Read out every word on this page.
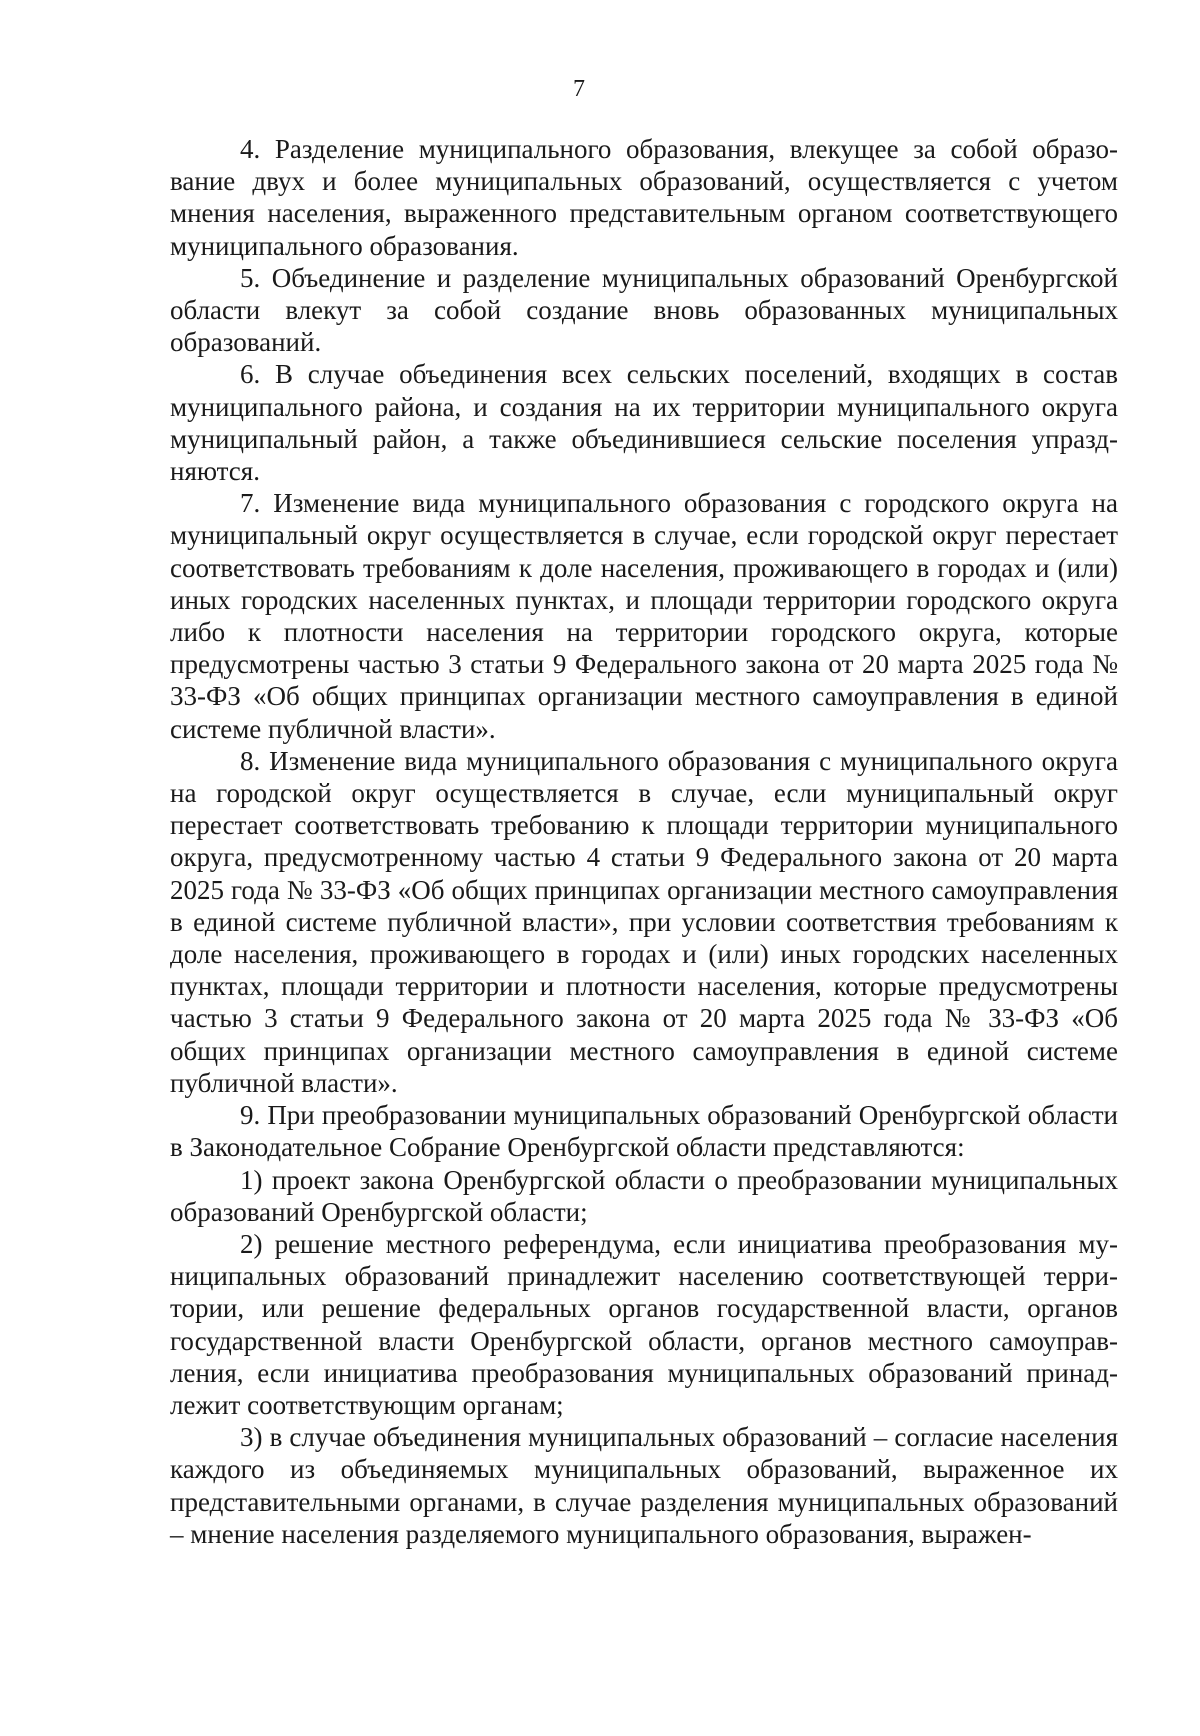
7

4. Разделение муниципального образования, влекущее за собой образование двух и более муниципальных образований, осуществляется с учетом мнения населения, выраженного представительным органом соответствующего муниципального образования.

5. Объединение и разделение муниципальных образований Оренбургской области влекут за собой создание вновь образованных муниципальных образований.

6. В случае объединения всех сельских поселений, входящих в состав муниципального района, и создания на их территории муниципального округа муниципальный район, а также объединившиеся сельские поселения упраздняются.

7. Изменение вида муниципального образования с городского округа на муниципальный округ осуществляется в случае, если городской округ перестает соответствовать требованиям к доле населения, проживающего в городах и (или) иных городских населенных пунктах, и площади территории городского округа либо к плотности населения на территории городского округа, которые предусмотрены частью 3 статьи 9 Федерального закона от 20 марта 2025 года № 33-ФЗ «Об общих принципах организации местного самоуправления в единой системе публичной власти».

8. Изменение вида муниципального образования с муниципального округа на городской округ осуществляется в случае, если муниципальный округ перестает соответствовать требованию к площади территории муниципального округа, предусмотренному частью 4 статьи 9 Федерального закона от 20 марта 2025 года № 33-ФЗ «Об общих принципах организации местного самоуправления в единой системе публичной власти», при условии соответствия требованиям к доле населения, проживающего в городах и (или) иных городских населенных пунктах, площади территории и плотности населения, которые предусмотрены частью 3 статьи 9 Федерального закона от 20 марта 2025 года № 33-ФЗ «Об общих принципах организации местного самоуправления в единой системе публичной власти».

9. При преобразовании муниципальных образований Оренбургской области в Законодательное Собрание Оренбургской области представляются:

1) проект закона Оренбургской области о преобразовании муниципальных образований Оренбургской области;

2) решение местного референдума, если инициатива преобразования муниципальных образований принадлежит населению соответствующей территории, или решение федеральных органов государственной власти, органов государственной власти Оренбургской области, органов местного самоуправления, если инициатива преобразования муниципальных образований принадлежит соответствующим органам;

3) в случае объединения муниципальных образований – согласие населения каждого из объединяемых муниципальных образований, выраженное их представительными органами, в случае разделения муниципальных образований – мнение населения разделяемого муниципального образования, выражен-
